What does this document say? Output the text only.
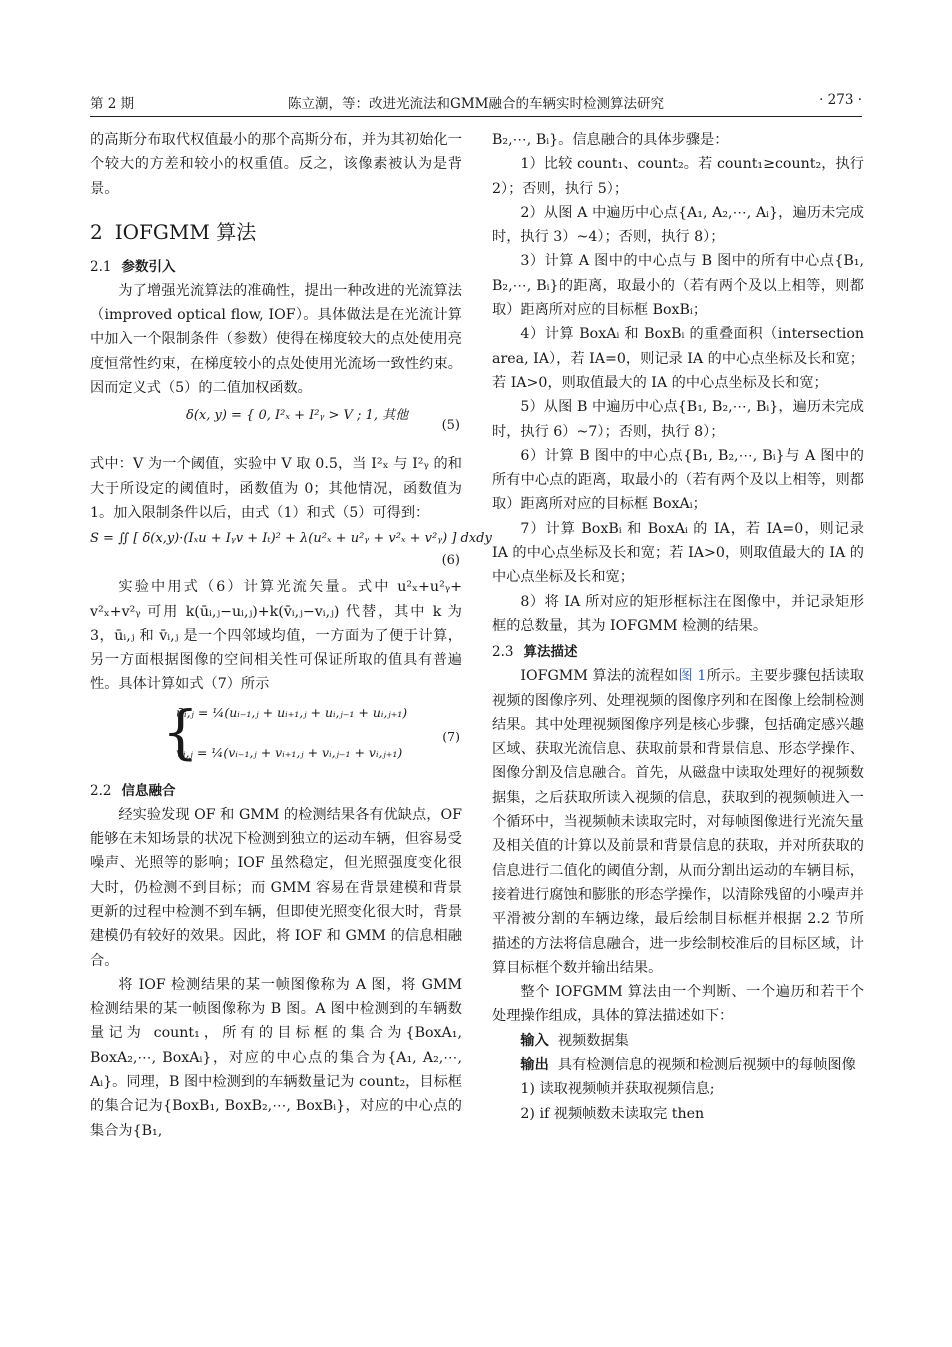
第 2 期	陈立潮，等：改进光流法和GMM融合的车辆实时检测算法研究	· 273 ·

的高斯分布取代权值最小的那个高斯分布，并为其初始化一个较大的方差和较小的权重值。反之，该像素被认为是背景。

2 IOFGMM 算法
2.1 参数引入

为了增强光流算法的准确性，提出一种改进的光流算法（improved optical flow, IOF）。具体做法是在光流计算中加入一个限制条件（参数）使得在梯度较大的点处使用亮度恒常性约束，在梯度较小的点处使用光流场一致性约束。因而定义式（5）的二值加权函数。

δ(x, y) = { 0, I²ₓ + I²ᵧ > V ; 1, 其他
(5)

式中：V 为一个阈值，实验中 V 取 0.5，当 I²ₓ 与 I²ᵧ 的和大于所设定的阈值时，函数值为 0；其他情况，函数值为 1。加入限制条件以后，由式（1）和式（5）可得到：

S = ∬ [ δ(x,y)·(Iₓu + Iᵧv + Iₜ)² + λ(u²ₓ + u²ᵧ + v²ₓ + v²ᵧ) ] dxdy
(6)

实验中用式（6）计算光流矢量。式中 u²ₓ+u²ᵧ+ v²ₓ+v²ᵧ 可用 k(ūᵢ,ⱼ−uᵢ,ⱼ)+k(v̄ᵢ,ⱼ−vᵢ,ⱼ) 代替，其中 k 为 3，ūᵢ,ⱼ 和 v̄ᵢ,ⱼ 是一个四邻域均值，一方面为了便于计算，另一方面根据图像的空间相关性可保证所取的值具有普遍性。具体计算如式（7）所示

{
ūᵢ,ⱼ = ¼(uᵢ₋₁,ⱼ + uᵢ₊₁,ⱼ + uᵢ,ⱼ₋₁ + uᵢ,ⱼ₊₁)
v̄ᵢ,ⱼ = ¼(vᵢ₋₁,ⱼ + vᵢ₊₁,ⱼ + vᵢ,ⱼ₋₁ + vᵢ,ⱼ₊₁)
(7)
2.2 信息融合

经实验发现 OF 和 GMM 的检测结果各有优缺点，OF 能够在未知场景的状况下检测到独立的运动车辆，但容易受噪声、光照等的影响；IOF 虽然稳定，但光照强度变化很大时，仍检测不到目标；而 GMM 容易在背景建模和背景更新的过程中检测不到车辆，但即使光照变化很大时，背景建模仍有较好的效果。因此，将 IOF 和 GMM 的信息相融合。

将 IOF 检测结果的某一帧图像称为 A 图，将 GMM 检测结果的某一帧图像称为 B 图。A 图中检测到的车辆数量记为 count₁，所有的目标框的集合为{BoxA₁, BoxA₂,⋯, BoxAᵢ}，对应的中心点的集合为{A₁, A₂,⋯, Aᵢ}。同理，B 图中检测到的车辆数量记为 count₂，目标框的集合记为{BoxB₁, BoxB₂,⋯, BoxBᵢ}，对应的中心点的集合为{B₁,

B₂,⋯, Bᵢ}。信息融合的具体步骤是：

1）比较 count₁、count₂。若 count₁≥count₂，执行 2）；否则，执行 5）；

2）从图 A 中遍历中心点{A₁, A₂,⋯, Aᵢ}，遍历未完成时，执行 3）~4）；否则，执行 8）；

3）计算 A 图中的中心点与 B 图中的所有中心点{B₁, B₂,⋯, Bᵢ}的距离，取最小的（若有两个及以上相等，则都取）距离所对应的目标框 BoxBᵢ；

4）计算 BoxAᵢ 和 BoxBᵢ 的重叠面积（intersection area, IA），若 IA=0，则记录 IA 的中心点坐标及长和宽；若 IA>0，则取值最大的 IA 的中心点坐标及长和宽；

5）从图 B 中遍历中心点{B₁, B₂,⋯, Bᵢ}，遍历未完成时，执行 6）~7）；否则，执行 8）；

6）计算 B 图中的中心点{B₁, B₂,⋯, Bᵢ}与 A 图中的所有中心点的距离，取最小的（若有两个及以上相等，则都取）距离所对应的目标框 BoxAᵢ；

7）计算 BoxBᵢ 和 BoxAᵢ 的 IA，若 IA=0，则记录 IA 的中心点坐标及长和宽；若 IA>0，则取值最大的 IA 的中心点坐标及长和宽；

8）将 IA 所对应的矩形框标注在图像中，并记录矩形框的总数量，其为 IOFGMM 检测的结果。

2.3 算法描述

IOFGMM 算法的流程如图 1所示。主要步骤包括读取视频的图像序列、处理视频的图像序列和在图像上绘制检测结果。其中处理视频图像序列是核心步骤，包括确定感兴趣区域、获取光流信息、获取前景和背景信息、形态学操作、图像分割及信息融合。首先，从磁盘中读取处理好的视频数据集，之后获取所读入视频的信息，获取到的视频帧进入一个循环中，当视频帧未读取完时，对每帧图像进行光流矢量及相关值的计算以及前景和背景信息的获取，并对所获取的信息进行二值化的阈值分割，从而分割出运动的车辆目标，接着进行腐蚀和膨胀的形态学操作，以清除残留的小噪声并平滑被分割的车辆边缘，最后绘制目标框并根据 2.2 节所描述的方法将信息融合，进一步绘制校准后的目标区域，计算目标框个数并输出结果。

整个 IOFGMM 算法由一个判断、一个遍历和若干个处理操作组成，具体的算法描述如下：

输入 视频数据集

输出 具有检测信息的视频和检测后视频中的每帧图像

1) 读取视频帧并获取视频信息;

2) if 视频帧数未读取完 then
